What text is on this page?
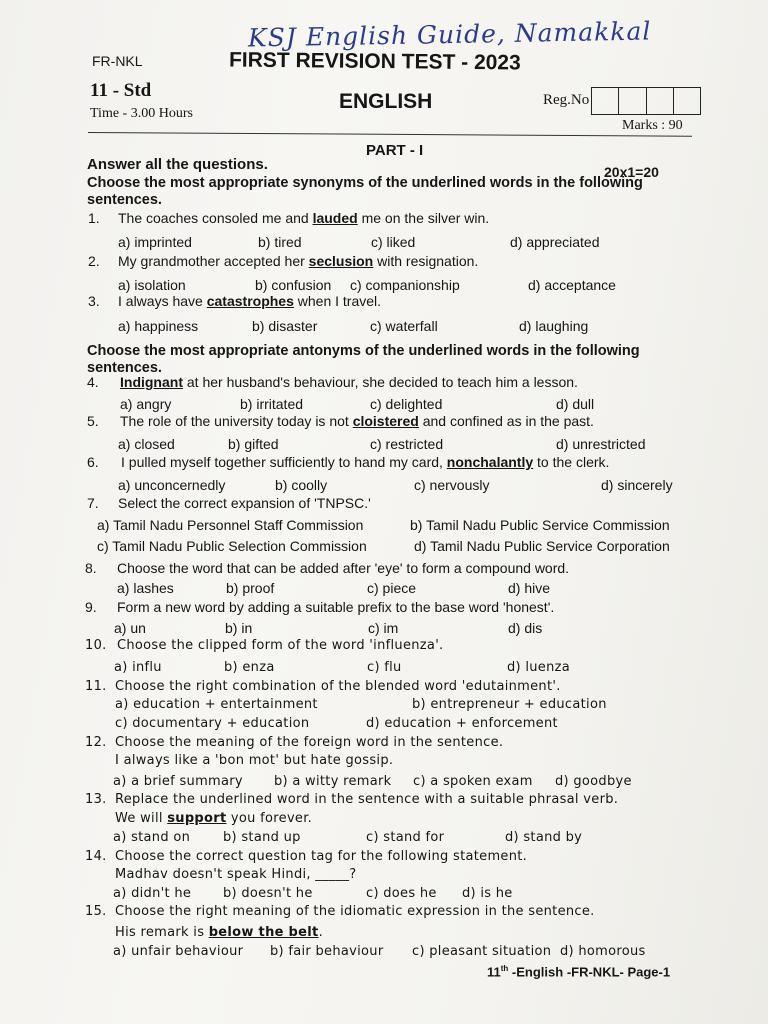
KSJ English Guide, Namakkal
FR-NKL	FIRST REVISION TEST - 2023
11 - Std
Time - 3.00 Hours
ENGLISH	Reg.No
Marks : 90
PART - I
Answer all the questions.	20x1=20
Choose the most appropriate synonyms of the underlined words in the following
sentences.
Choose the most appropriate antonyms of the underlined words in the following
sentences.
1. The coaches consoled me and lauded me on the silver win.
a) imprinted	b) tired	c) liked	d) appreciated
2. My grandmother accepted her seclusion with resignation.
a) isolation	b) confusion c) companionship	d) acceptance
3. I always have catastrophes when I travel.
a) happiness	b) disaster	c) waterfall	d) laughing
4. Indignant at her husband's behaviour, she decided to teach him a lesson.
a) angry	b) irritated	c) delighted	d) dull
5. The role of the university today is not cloistered and confined as in the past.
a) closed	b) gifted	c) restricted	d) unrestricted
6. I pulled myself together sufficiently to hand my card, nonchalantly to the clerk.
a) unconcernedly	b) coolly	c) nervously	d) sincerely
7. Select the correct expansion of 'TNPSC.'
a) Tamil Nadu Personnel Staff Commission	b) Tamil Nadu Public Service Commission
c) Tamil Nadu Public Selection Commission	d) Tamil Nadu Public Service Corporation
8. Choose the word that can be added after 'eye' to form a compound word.
a) lashes	b) proof	c) piece	d) hive
9. Form a new word by adding a suitable prefix to the base word 'honest'.
a) un	b) in	c) im	d) dis
10. Choose the clipped form of the word 'influenza'.
a) influ	b) enza	c) flu	d) luenza
11. Choose the right combination of the blended word 'edutainment'.
a) education + entertainment	b) entrepreneur + education
c) documentary + education	d) education + enforcement
12. Choose the meaning of the foreign word in the sentence.
I always like a 'bon mot' but hate gossip.
a) a brief summary b) a witty remark c) a spoken exam d) goodbye
13. Replace the underlined word in the sentence with a suitable phrasal verb.
We will support you forever.
a) stand on	b) stand up	c) stand for	d) stand by
14. Choose the correct question tag for the following statement.
Madhav doesn't speak Hindi, _____?
a) didn't he b) doesn't he	c) does he d) is he
15. Choose the right meaning of the idiomatic expression in the sentence.
His remark is below the belt.
a) unfair behaviour b) fair behaviour c) pleasant situation d) homorous
11th -English -FR-NKL- Page-1
